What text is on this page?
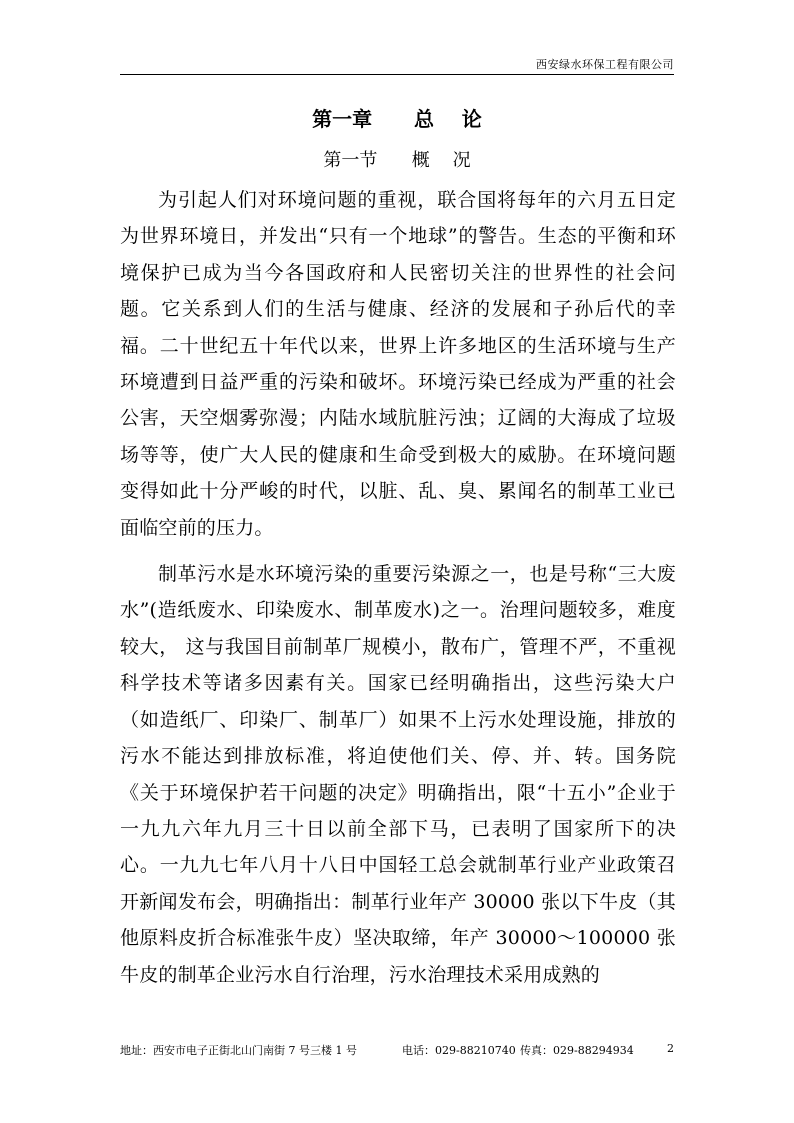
西安绿水环保工程有限公司
第一章      总    论
第一节      概    况

为引起人们对环境问题的重视，联合国将每年的六月五日定为世界环境日，并发出“只有一个地球”的警告。生态的平衡和环境保护已成为当今各国政府和人民密切关注的世界性的社会问题。它关系到人们的生活与健康、经济的发展和子孙后代的幸福。二十世纪五十年代以来，世界上许多地区的生活环境与生产环境遭到日益严重的污染和破坏。环境污染已经成为严重的社会公害，天空烟雾弥漫；内陆水域肮脏污浊；辽阔的大海成了垃圾场等等，使广大人民的健康和生命受到极大的威胁。在环境问题变得如此十分严峻的时代，以脏、乱、臭、累闻名的制革工业已面临空前的压力。

制革污水是水环境污染的重要污染源之一，也是号称“三大废水”(造纸废水、印染废水、制革废水)之一。治理问题较多，难度较大， 这与我国目前制革厂规模小，散布广，管理不严，不重视科学技术等诸多因素有关。国家已经明确指出，这些污染大户（如造纸厂、印染厂、制革厂）如果不上污水处理设施，排放的污水不能达到排放标准，将迫使他们关、停、并、转。国务院《关于环境保护若干问题的决定》明确指出，限“十五小”企业于一九九六年九月三十日以前全部下马，已表明了国家所下的决心。一九九七年八月十八日中国轻工总会就制革行业产业政策召开新闻发布会，明确指出：制革行业年产 30000 张以下牛皮（其他原料皮折合标准张牛皮）坚决取缔，年产 30000～100000 张牛皮的制革企业污水自行治理，污水治理技术采用成熟的

地址：西安市电子正街北山门南街 7 号三楼 1 号	电话：029-88210740 传真：029-88294934	2
